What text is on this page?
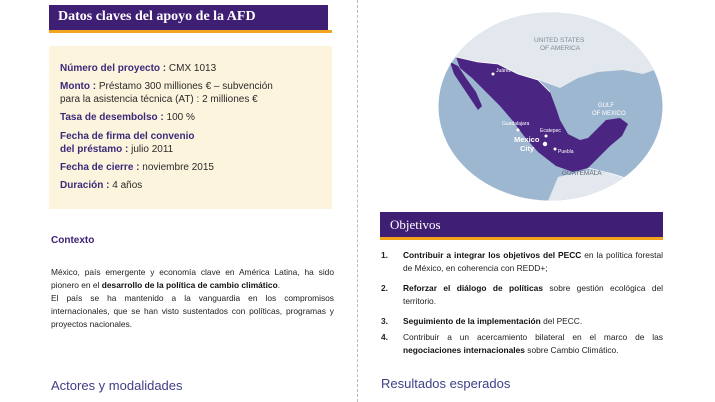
Datos claves del apoyo de la AFD
Número del proyecto : CMX 1013
Monto : Préstamo 300 milliones € – subvención
para la asistencia técnica (AT) : 2 milliones €
Tasa de desembolso : 100 %
Fecha de firma del convenio
del préstamo : julio 2011
Fecha de cierre : noviembre 2015
Duración : 4 años
Contexto
México, país emergente y economía clave en América Latina, ha sido pionero en el desarrollo de la política de cambio climático.
El país se ha mantenido a la vanguardia en los compromisos internacionales, que se han visto sustentados con políticas, programas y proyectos nacionales.
Actores y modalidades
UNITED STATES
OF AMERICA
GULF
OF MEXICO
Juárez
Guadalajara
Ecatepec
Mexico
City	Puebla
GUATEMALA
Objetivos
1. Contribuir a integrar los objetivos del PECC en la política forestal de México, en coherencia con REDD+;
2. Reforzar el diálogo de políticas sobre gestión ecológica del territorio.
3. Seguimiento de la implementación del PECC.
4. Contribuir a un acercamiento bilateral en el marco de las negociaciones internacionales sobre Cambio Climático.
Resultados esperados
